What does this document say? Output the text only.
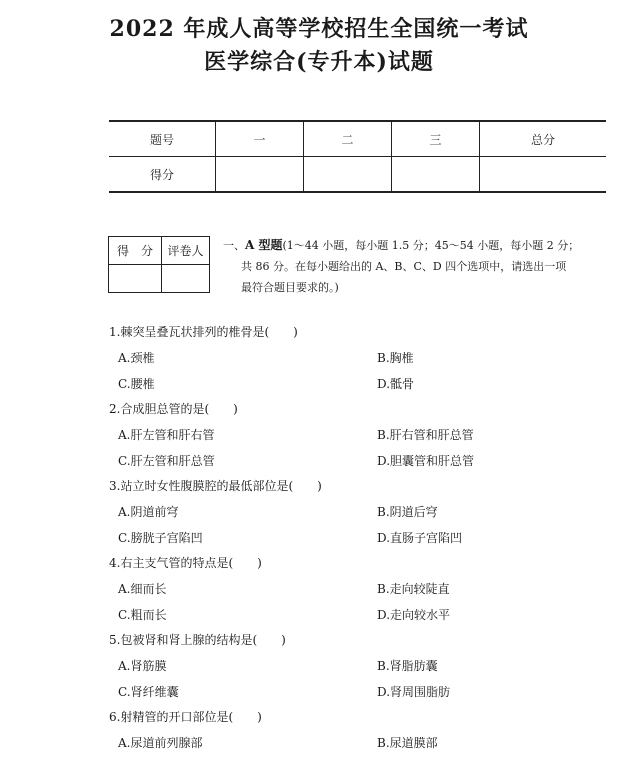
2022 年成人高等学校招生全国统一考试
医学综合(专升本)试题
题号	一	二	三	总分
得分				
得　分	评卷人
	一、A 型题(1～44 小题，每小题 1.5 分；45～54 小题，每小题 2 分；
共 86 分。在每小题给出的 A、B、C、D 四个选项中，请选出一项
最符合题目要求的。)
1.棘突呈叠瓦状排列的椎骨是(　　)
A.颈椎	B.胸椎
C.腰椎	D.骶骨
2.合成胆总管的是(　　)
A.肝左管和肝右管	B.肝右管和肝总管
C.肝左管和肝总管	D.胆囊管和肝总管
3.站立时女性腹膜腔的最低部位是(　　)
A.阴道前穹	B.阴道后穹
C.膀胱子宫陷凹	D.直肠子宫陷凹
4.右主支气管的特点是(　　)
A.细而长	B.走向较陡直
C.粗而长	D.走向较水平
5.包被肾和肾上腺的结构是(　　)
A.肾筋膜	B.肾脂肪囊
C.肾纤维囊	D.肾周围脂肪
6.射精管的开口部位是(　　)
A.尿道前列腺部	B.尿道膜部
